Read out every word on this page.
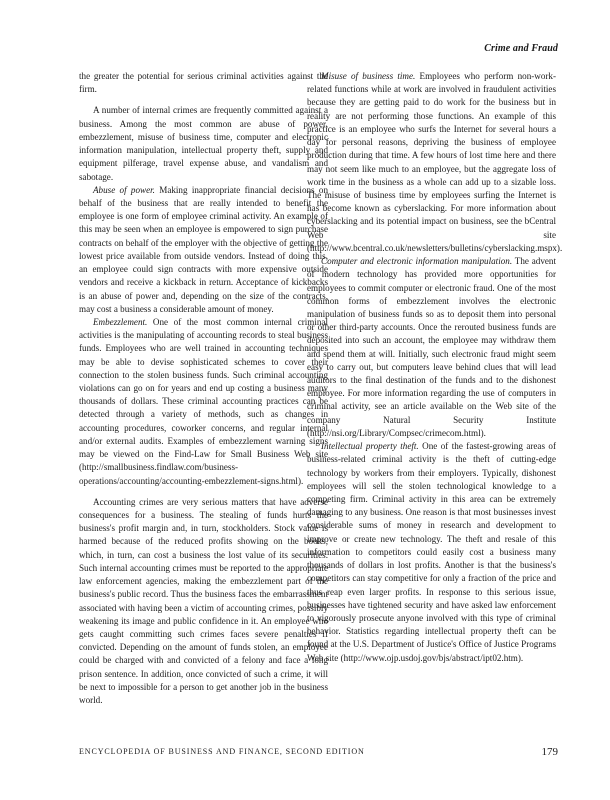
Crime and Fraud

the greater the potential for serious criminal activities against the firm.

A number of internal crimes are frequently committed against a business. Among the most common are abuse of power, embezzlement, misuse of business time, computer and electronic information manipulation, intellectual property theft, supply and equipment pilferage, travel expense abuse, and vandalism and sabotage.

Abuse of power. Making inappropriate financial decisions on behalf of the business that are really intended to benefit the employee is one form of employee criminal activity. An example of this may be seen when an employee is empowered to sign purchase contracts on behalf of the employer with the objective of getting the lowest price available from outside vendors. Instead of doing this, an employee could sign contracts with more expensive outside vendors and receive a kickback in return. Acceptance of kickbacks is an abuse of power and, depending on the size of the contracts, may cost a business a considerable amount of money.

Embezzlement. One of the most common internal criminal activities is the manipulating of accounting records to steal business funds. Employees who are well trained in accounting techniques may be able to devise sophisticated schemes to cover their connection to the stolen business funds. Such criminal accounting violations can go on for years and end up costing a business many thousands of dollars. These criminal accounting practices can be detected through a variety of methods, such as changes in accounting procedures, coworker concerns, and regular internal and/or external audits. Examples of embezzlement warning signs may be viewed on the Find-Law for Small Business Web site (http://smallbusiness.findlaw.com/business-operations/accounting/accounting-embezzlement-signs.html).

Accounting crimes are very serious matters that have adverse consequences for a business. The stealing of funds hurts the business's profit margin and, in turn, stockholders. Stock value is harmed because of the reduced profits showing on the books, which, in turn, can cost a business the lost value of its securities. Such internal accounting crimes must be reported to the appropriate law enforcement agencies, making the embezzlement part of the business's public record. Thus the business faces the embarrassment associated with having been a victim of accounting crimes, possibly weakening its image and public confidence in it. An employee who gets caught committing such crimes faces severe penalties if convicted. Depending on the amount of funds stolen, an employee could be charged with and convicted of a felony and face a long prison sentence. In addition, once convicted of such a crime, it will be next to impossible for a person to get another job in the business world.

Misuse of business time. Employees who perform non-work-related functions while at work are involved in fraudulent activities because they are getting paid to do work for the business but in reality are not performing those functions. An example of this practice is an employee who surfs the Internet for several hours a day for personal reasons, depriving the business of employee production during that time. A few hours of lost time here and there may not seem like much to an employee, but the aggregate loss of work time in the business as a whole can add up to a sizable loss. The misuse of business time by employees surfing the Internet is has become known as cyberslacking. For more information about cyberslacking and its potential impact on business, see the bCentral Web site (http://www.bcentral.co.uk/newsletters/bulletins/cyberslacking.mspx).

Computer and electronic information manipulation. The advent of modern technology has provided more opportunities for employees to commit computer or electronic fraud. One of the most common forms of embezzlement involves the electronic manipulation of business funds so as to deposit them into personal or other third-party accounts. Once the rerouted business funds are deposited into such an account, the employee may withdraw them and spend them at will. Initially, such electronic fraud might seem easy to carry out, but computers leave behind clues that will lead auditors to the final destination of the funds and to the dishonest employee. For more information regarding the use of computers in criminal activity, see an article available on the Web site of the company Natural Security Institute (http://nsi.org/Library/Compsec/crimecom.html).

Intellectual property theft. One of the fastest-growing areas of business-related criminal activity is the theft of cutting-edge technology by workers from their employers. Typically, dishonest employees will sell the stolen technological knowledge to a competing firm. Criminal activity in this area can be extremely damaging to any business. One reason is that most businesses invest considerable sums of money in research and development to improve or create new technology. The theft and resale of this information to competitors could easily cost a business many thousands of dollars in lost profits. Another is that the business's competitors can stay competitive for only a fraction of the price and thus reap even larger profits. In response to this serious issue, businesses have tightened security and have asked law enforcement to vigorously prosecute anyone involved with this type of criminal behavior. Statistics regarding intellectual property theft can be found at the U.S. Department of Justice's Office of Justice Programs Web site (http://www.ojp.usdoj.gov/bjs/abstract/ipt02.htm).

ENCYCLOPEDIA OF BUSINESS AND FINANCE, SECOND EDITION	179
